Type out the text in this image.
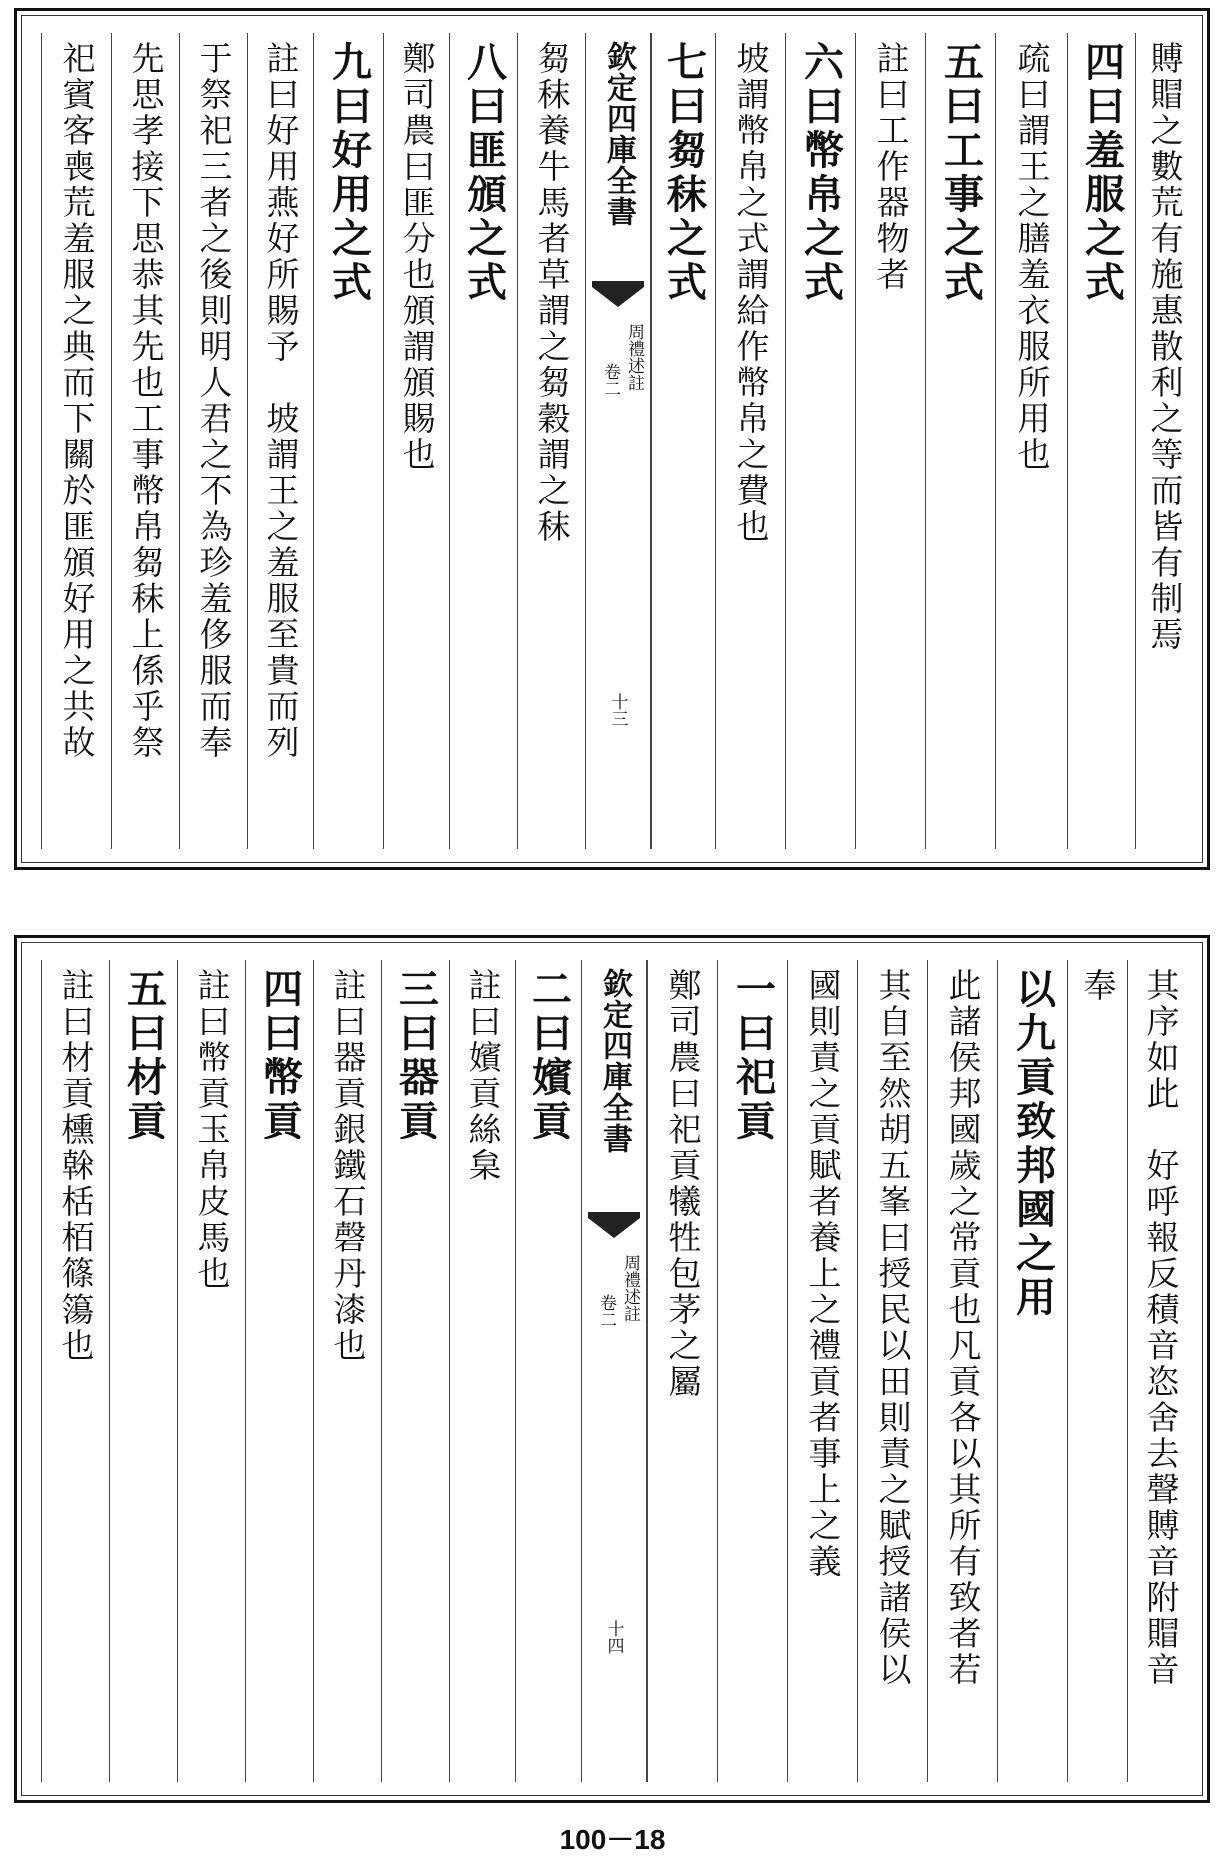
賻賵之數荒有施惠散利之等而皆有制焉
四曰羞服之式
疏曰謂王之膳羞衣服所用也
五曰工事之式
註曰工作器物者
六曰幣帛之式
坡謂幣帛之式謂給作幣帛之費也
七曰芻秣之式
欽定四庫全書
周禮述註
卷二
十三
芻秣養牛馬者草謂之芻穀謂之秣
八曰匪頒之式
鄭司農曰匪分也頒謂頒賜也
九曰好用之式
註曰好用燕好所賜予　坡謂王之羞服至貴而列
于祭祀三者之後則明人君之不為珍羞侈服而奉
先思孝接下思恭其先也工事幣帛芻秣上係乎祭
祀賓客喪荒羞服之典而下關於匪頒好用之共故
其序如此　好呼報反積音恣舍去聲賻音附賵音
奉
以九貢致邦國之用
此諸侯邦國歲之常貢也凡貢各以其所有致者若
其自至然胡五峯曰授民以田則責之賦授諸侯以
國則責之貢賦者養上之禮貢者事上之義
一曰祀貢
鄭司農曰祀貢犧牲包茅之屬
欽定四庫全書
周禮述註
卷二
十四
二曰嬪貢
註曰嬪貢絲枲
三曰器貢
註曰器貢銀鐵石磬丹漆也
四曰幣貢
註曰幣貢玉帛皮馬也
五曰材貢
註曰材貢櫄榦栝栢篠簜也
100－18
